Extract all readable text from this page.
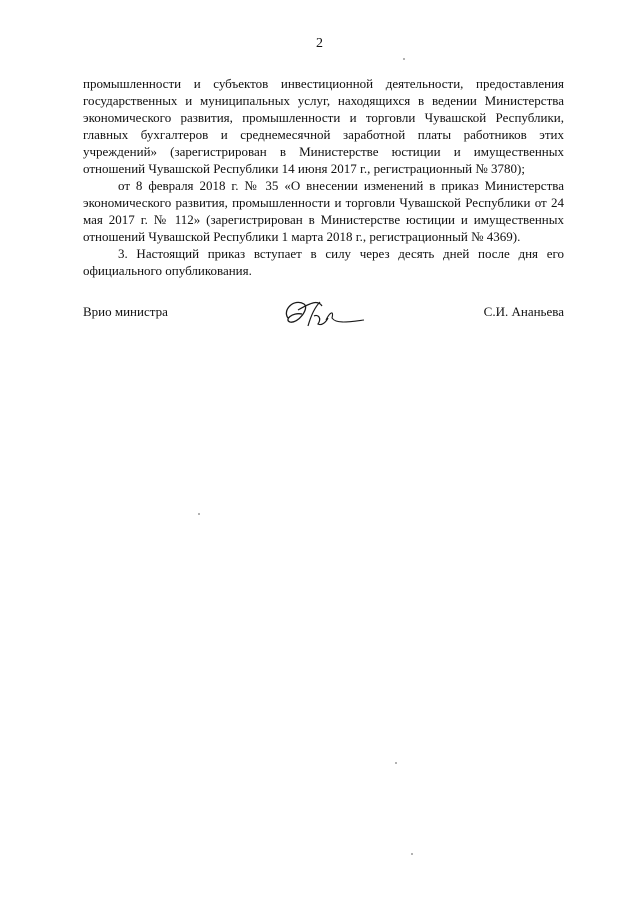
2

промышленности и субъектов инвестиционной деятельности, предоставления государственных и муниципальных услуг, находящихся в ведении Министерства экономического развития, промышленности и торговли Чувашской Республики, главных бухгалтеров и среднемесячной заработной платы работников этих учреждений» (зарегистрирован в Министерстве юстиции и имущественных отношений Чувашской Республики 14 июня 2017 г., регистрационный № 3780);

от 8 февраля 2018 г. № 35 «О внесении изменений в приказ Министерства экономического развития, промышленности и торговли Чувашской Республики от 24 мая 2017 г. № 112» (зарегистрирован в Министерстве юстиции и имущественных отношений Чувашской Республики 1 марта 2018 г., регистрационный № 4369).

3. Настоящий приказ вступает в силу через десять дней после дня его официального опубликования.

Врио министра	С.И. Ананьева
